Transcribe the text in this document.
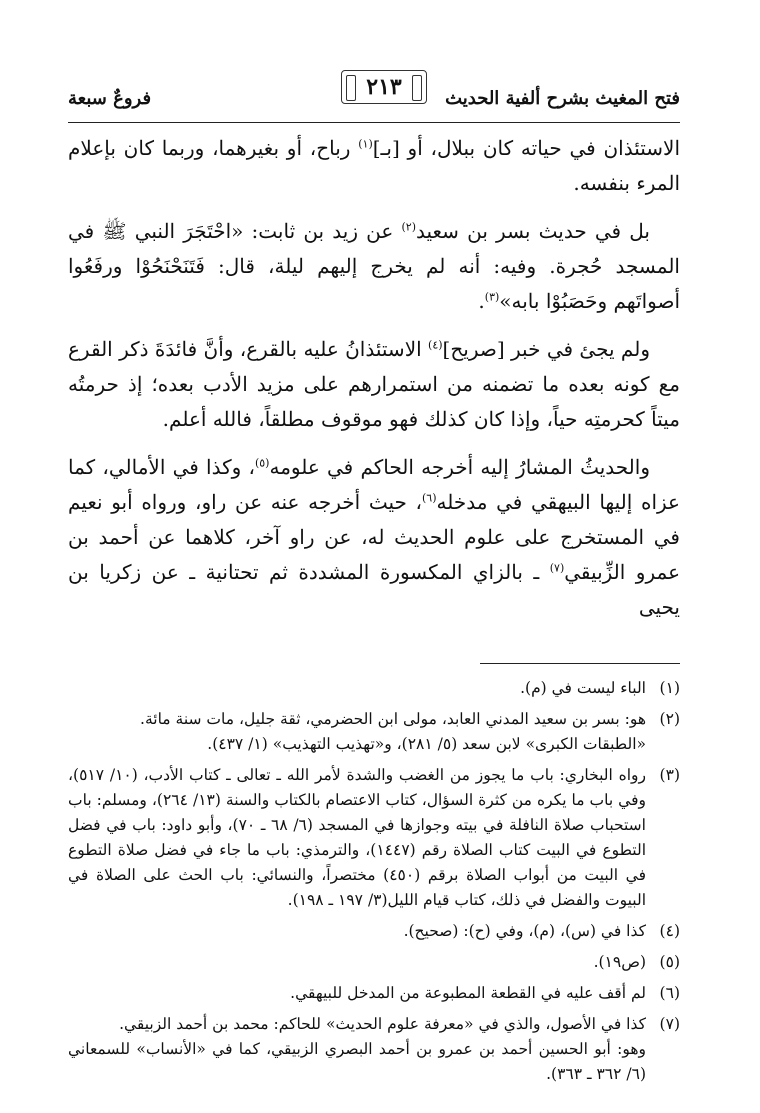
فتح المغيث بشرح ألفية الحديث
٢١٣
فروعٌ سبعة

الاستئذان في حياته كان ببلال، أو [بـ]$^{(١)}$ رباح، أو بغيرهما، وربما كان بإعلام المرء بنفسه.

بل في حديث بسر بن سعيد$^{(٢)}$ عن زيد بن ثابت: «احْتَجَرَ النبي ﷺ في المسجد حُجرة. وفيه: أنه لم يخرج إليهم ليلة، قال: فَتَنَحْنَحُوْا ورفَعُوا أصواتَهم وحَصَبُوْا بابه»$^{(٣)}$.

ولم يجئ في خبر [صريح]$^{(٤)}$ الاستئذانُ عليه بالقرع، وأنَّ فائدَةَ ذكر القرع مع كونه بعده ما تضمنه من استمرارهم على مزيد الأدب بعده؛ إذ حرمتُه ميتاً كحرمتِه حياً، وإذا كان كذلك فهو موقوف مطلقاً، فالله أعلم.

والحديثُ المشارُ إليه أخرجه الحاكم في علومه$^{(٥)}$، وكذا في الأمالي، كما عزاه إليها البيهقي في مدخله$^{(٦)}$، حيث أخرجه عنه عن راو، ورواه أبو نعيم في المستخرج على علوم الحديث له، عن راو آخر، كلاهما عن أحمد بن عمرو الزِّبيقي$^{(٧)}$ ـ بالزاي المكسورة المشددة ثم تحتانية ـ عن زكريا بن يحيى

(١)
الباء ليست في (م).
(٢)
هو: بسر بن سعيد المدني العابد، مولى ابن الحضرمي، ثقة جليل، مات سنة مائة.
«الطبقات الكبرى» لابن سعد (٥/ ٢٨١)، و«تهذيب التهذيب» (١/ ٤٣٧).
(٣)
رواه البخاري: باب ما يجوز من الغضب والشدة لأمر الله ـ تعالى ـ كتاب الأدب، (١٠/ ٥١٧)، وفي باب ما يكره من كثرة السؤال، كتاب الاعتصام بالكتاب والسنة (١٣/ ٢٦٤)، ومسلم: باب استحباب صلاة النافلة في بيته وجوازها في المسجد (٦/ ٦٨ ـ ٧٠)، وأبو داود: باب في فضل التطوع في البيت كتاب الصلاة رقم (١٤٤٧)، والترمذي: باب ما جاء في فضل صلاة التطوع في البيت من أبواب الصلاة برقم (٤٥٠) مختصراً، والنسائي: باب الحث على الصلاة في البيوت والفضل في ذلك، كتاب قيام الليل(٣/ ١٩٧ ـ ١٩٨).
(٤)
كذا في (س)، (م)، وفي (ح): (صحيح).
(٥)
(ص١٩).
(٦)
لم أقف عليه في القطعة المطبوعة من المدخل للبيهقي.
(٧)
كذا في الأصول، والذي في «معرفة علوم الحديث» للحاكم: محمد بن أحمد الزبيقي.
وهو: أبو الحسين أحمد بن عمرو بن أحمد البصري الزبيقي، كما في «الأنساب» للسمعاني (٦/ ٣٦٢ ـ ٣٦٣).
